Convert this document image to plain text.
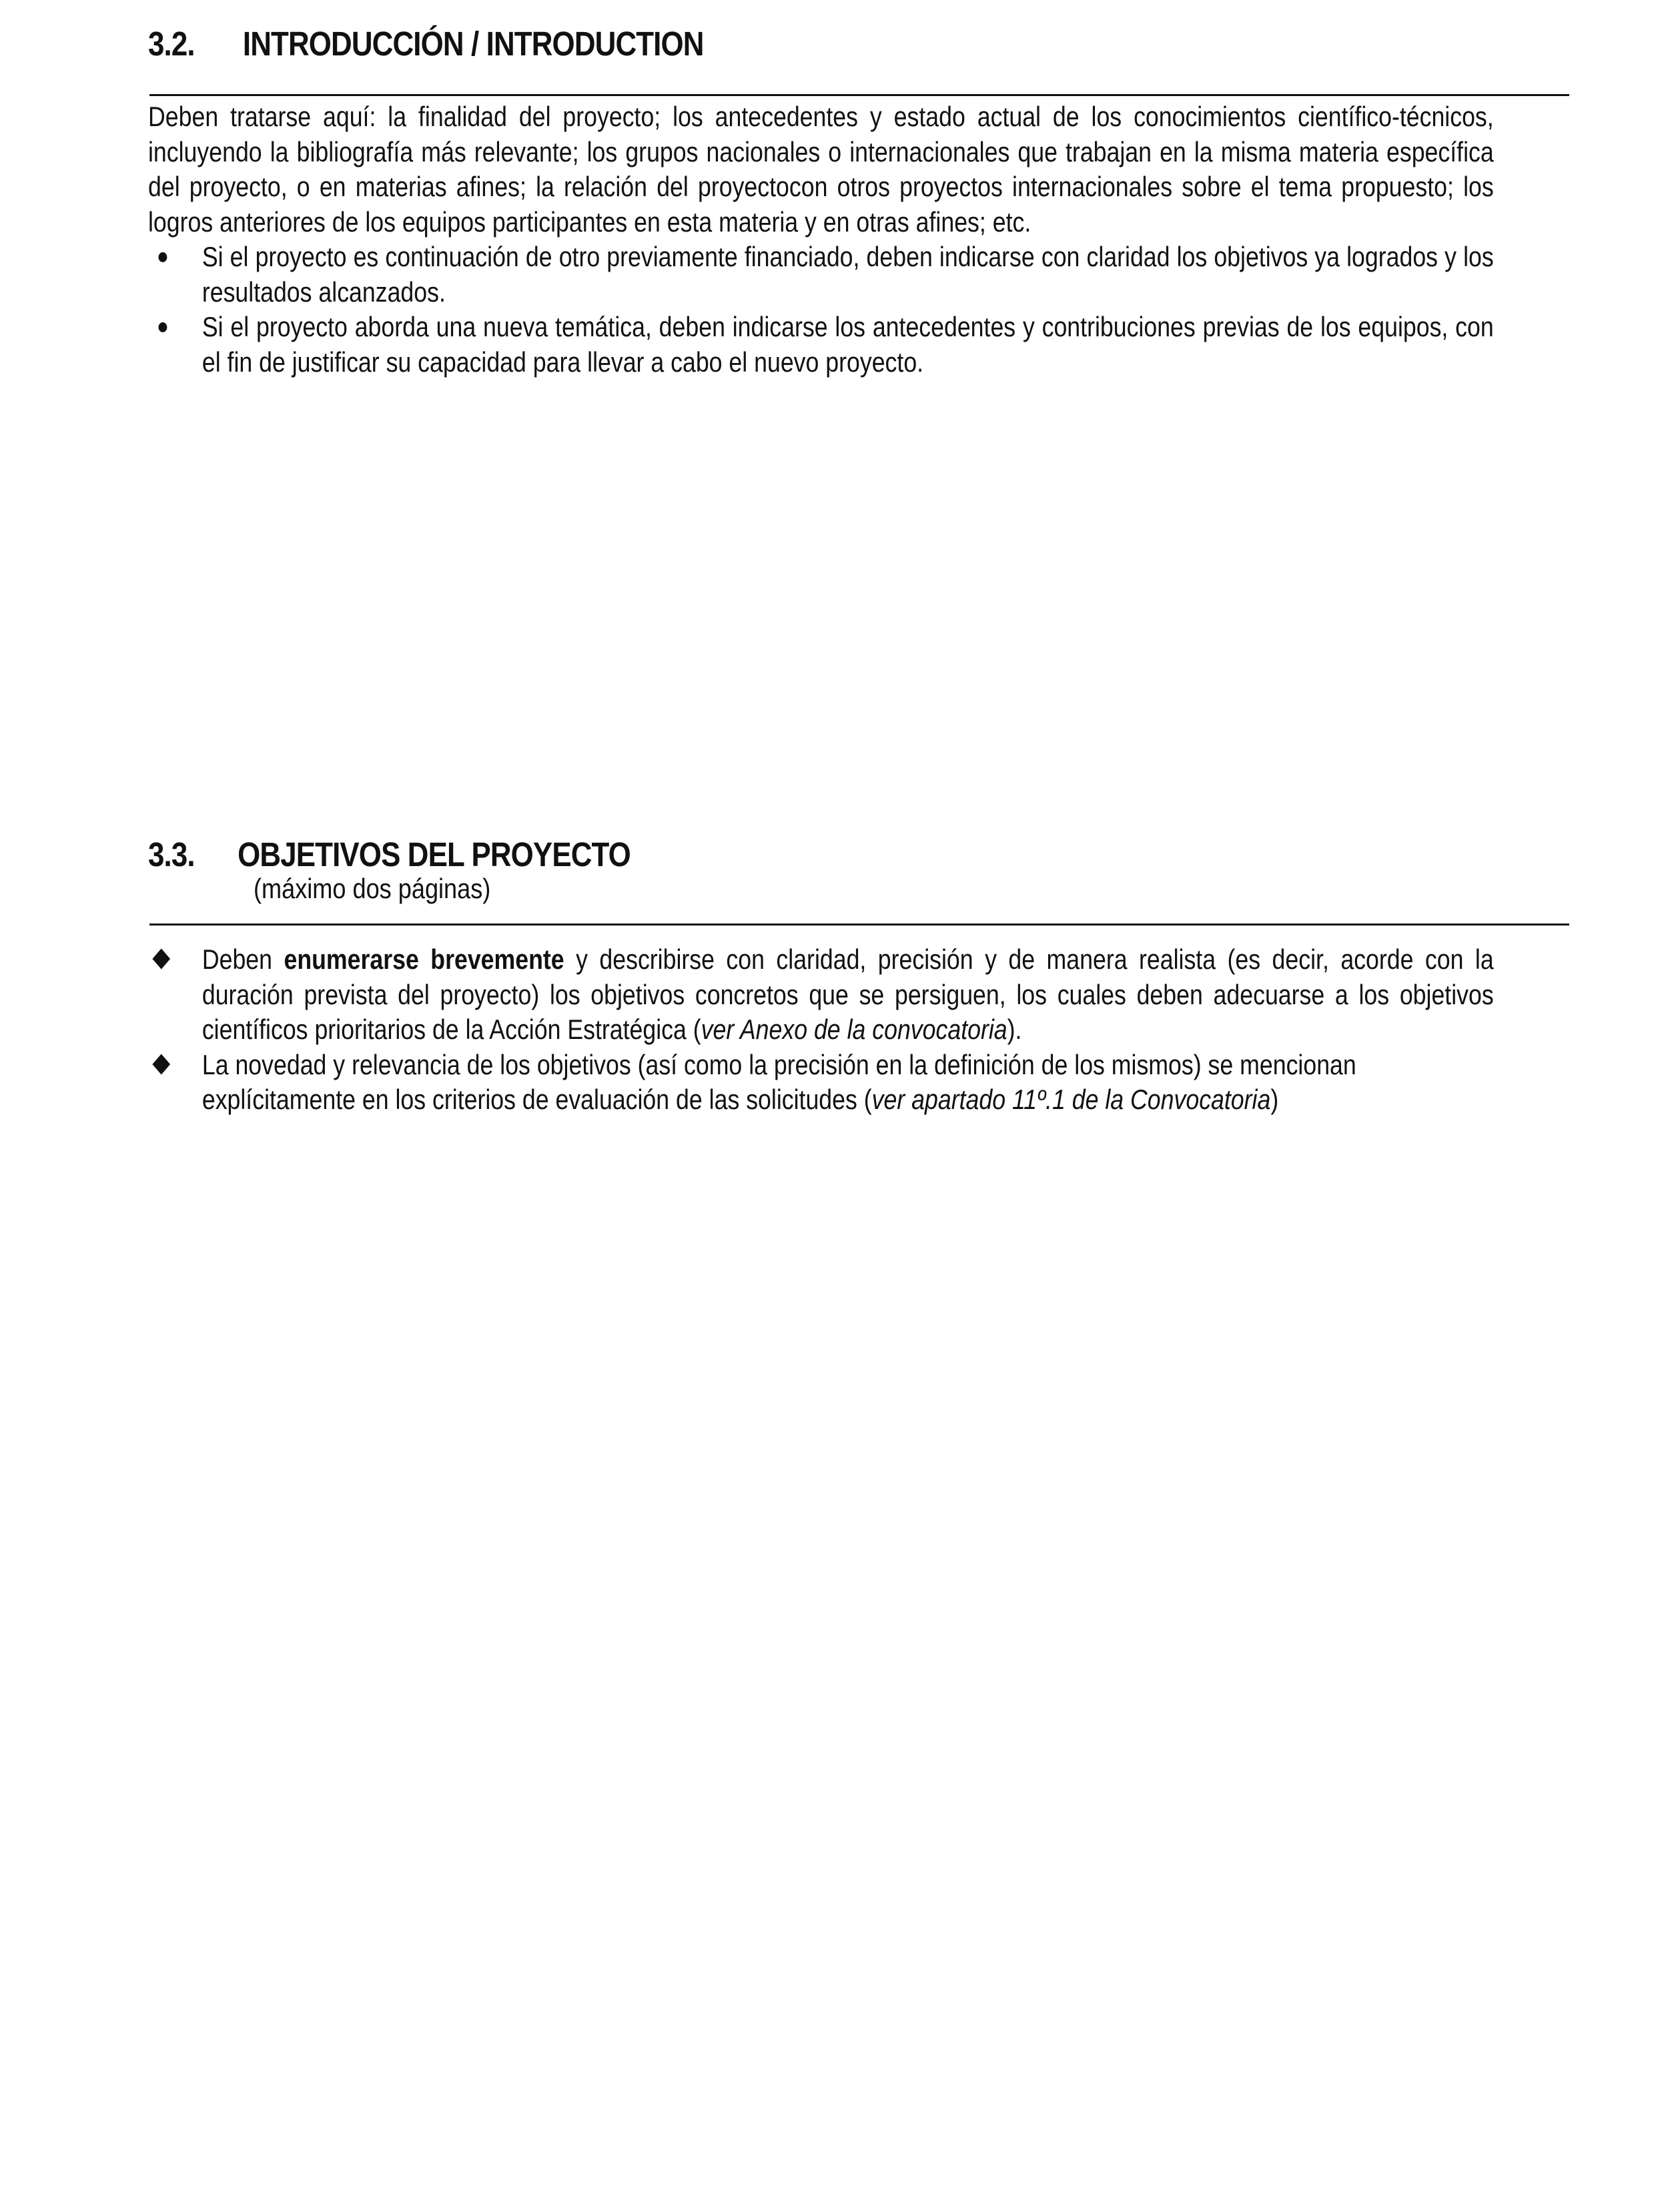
3.2. INTRODUCCIÓN / INTRODUCTION
Deben tratarse aquí: la finalidad del proyecto; los antecedentes y estado actual de los conocimientos científico-técnicos, incluyendo la bibliografía más relevante; los grupos nacionales o internacionales que trabajan en la misma materia específica del proyecto, o en materias afines; la relación del proyectocon otros proyectos internacionales sobre el tema propuesto; los logros anteriores de los equipos participantes en esta materia y en otras afines; etc.
Si el proyecto es continuación de otro previamente financiado, deben indicarse con claridad los objetivos ya logrados y los resultados alcanzados.
Si el proyecto aborda una nueva temática, deben indicarse los antecedentes y contribuciones previas de los equipos, con el fin de justificar su capacidad para llevar a cabo el nuevo proyecto.
3.3. OBJETIVOS DEL PROYECTO
(máximo dos páginas)
Deben enumerarse brevemente y describirse con claridad, precisión y de manera realista (es decir, acorde con la duración prevista del proyecto) los objetivos concretos que se persiguen, los cuales deben adecuarse a los objetivos científicos prioritarios de la Acción Estratégica (ver Anexo de la convocatoria).
La novedad y relevancia de los objetivos (así como la precisión en la definición de los mismos) se mencionan explícitamente en los criterios de evaluación de las solicitudes (ver apartado 11º.1 de la Convocatoria)
